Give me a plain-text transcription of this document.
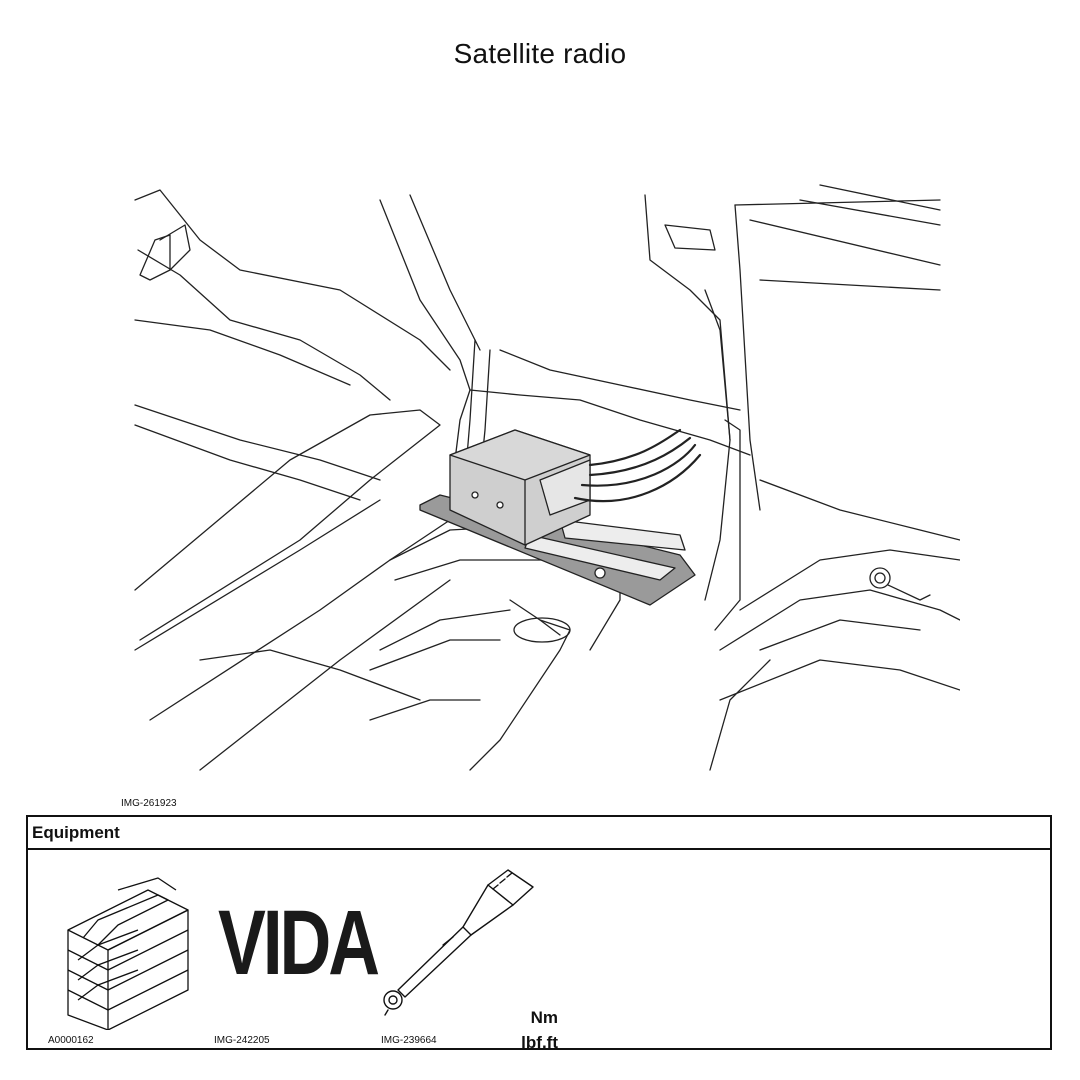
Satellite radio
IMG-261923
Equipment
A0000162
VIDA
IMG-242205	IMG-239664
Nm
lbf.ft
